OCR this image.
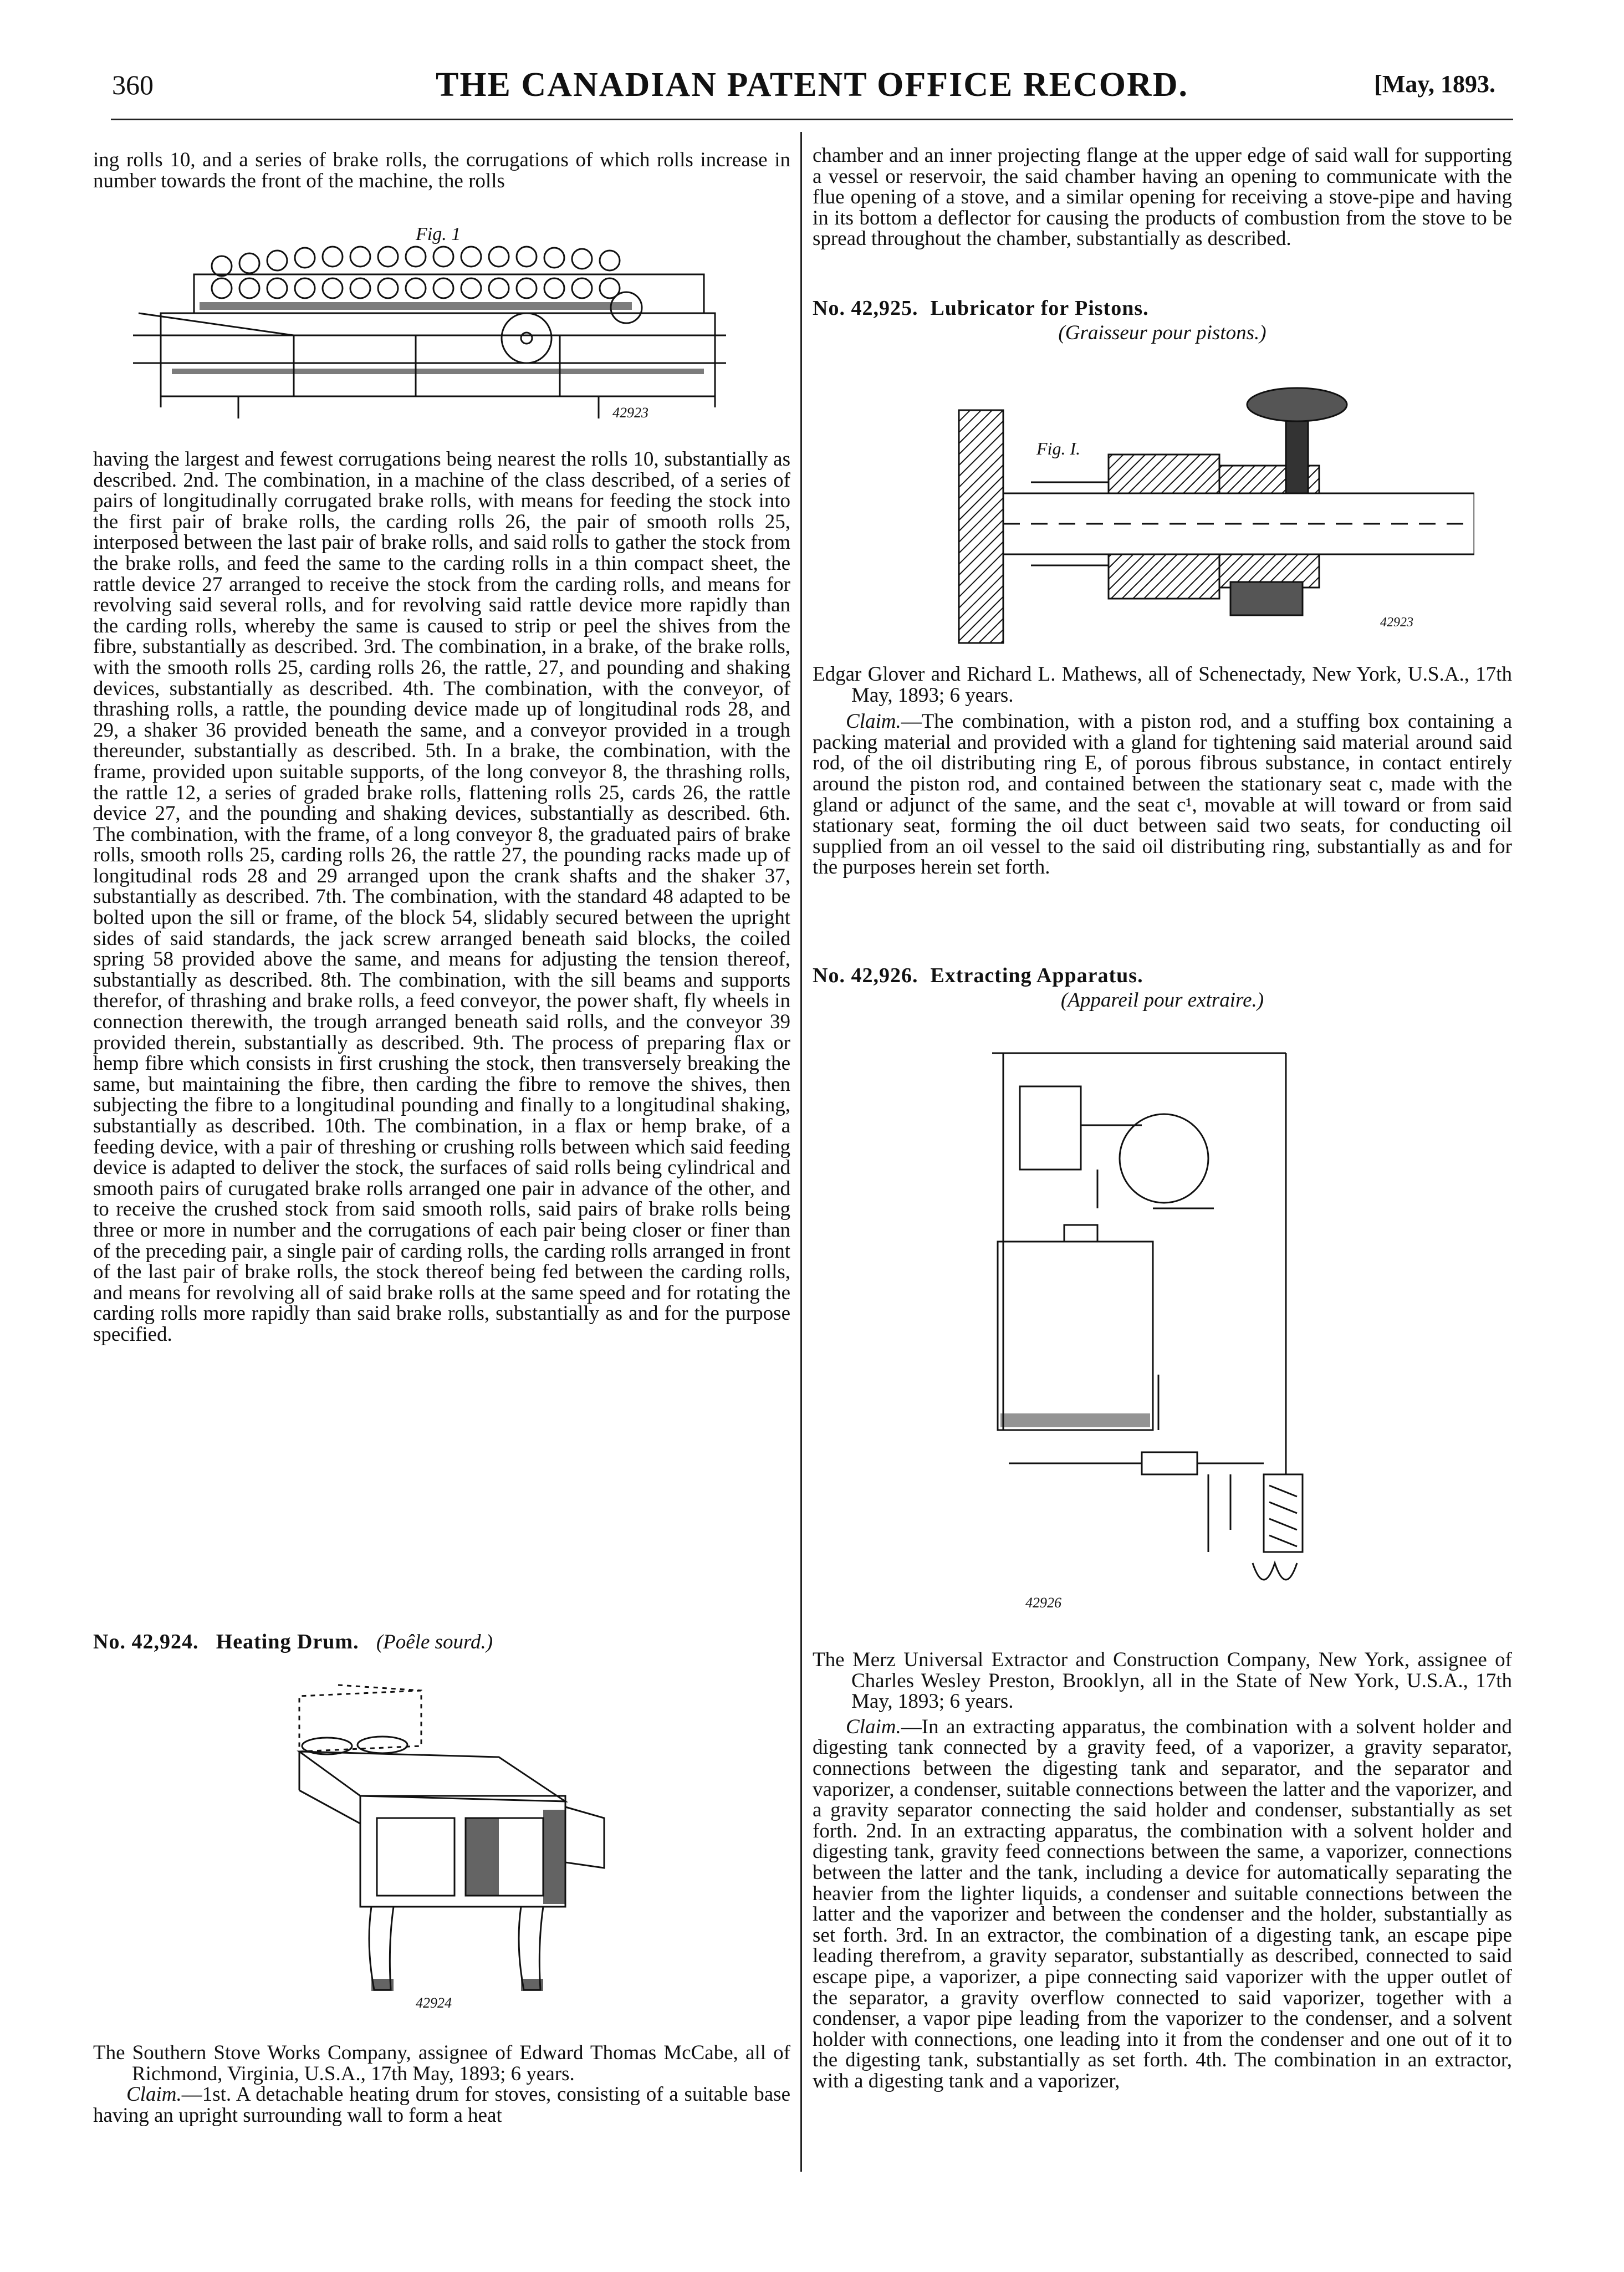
360	THE CANADIAN PATENT OFFICE RECORD.	[May, 1893.

ing rolls 10, and a series of brake rolls, the corrugations of which rolls increase in number towards the front of the machine, the rolls

Fig. 1
42923

having the largest and fewest corrugations being nearest the rolls 10, substantially as described. 2nd. The combination, in a machine of the class described, of a series of pairs of longitudinally corrugated brake rolls, with means for feeding the stock into the first pair of brake rolls, the carding rolls 26, the pair of smooth rolls 25, interposed between the last pair of brake rolls, and said rolls to gather the stock from the brake rolls, and feed the same to the carding rolls in a thin compact sheet, the rattle device 27 arranged to receive the stock from the carding rolls, and means for revolving said several rolls, and for revolving said rattle device more rapidly than the carding rolls, whereby the same is caused to strip or peel the shives from the fibre, substantially as described. 3rd. The combination, in a brake, of the brake rolls, with the smooth rolls 25, carding rolls 26, the rattle, 27, and pounding and shaking devices, substantially as described. 4th. The combination, with the conveyor, of thrashing rolls, a rattle, the pounding device made up of longitudinal rods 28, and 29, a shaker 36 provided beneath the same, and a conveyor provided in a trough thereunder, substantially as described. 5th. In a brake, the combination, with the frame, provided upon suitable supports, of the long conveyor 8, the thrashing rolls, the rattle 12, a series of graded brake rolls, flattening rolls 25, cards 26, the rattle device 27, and the pounding and shaking devices, substantially as described. 6th. The combination, with the frame, of a long conveyor 8, the graduated pairs of brake rolls, smooth rolls 25, carding rolls 26, the rattle 27, the pounding racks made up of longitudinal rods 28 and 29 arranged upon the crank shafts and the shaker 37, substantially as described. 7th. The combination, with the standard 48 adapted to be bolted upon the sill or frame, of the block 54, slidably secured between the upright sides of said standards, the jack screw arranged beneath said blocks, the coiled spring 58 provided above the same, and means for adjusting the tension thereof, substantially as described. 8th. The combination, with the sill beams and supports therefor, of thrashing and brake rolls, a feed conveyor, the power shaft, fly wheels in connection therewith, the trough arranged beneath said rolls, and the conveyor 39 provided therein, substantially as described. 9th. The process of preparing flax or hemp fibre which consists in first crushing the stock, then transversely breaking the same, but maintaining the fibre, then carding the fibre to remove the shives, then subjecting the fibre to a longitudinal pounding and finally to a longitudinal shaking, substantially as described. 10th. The combination, in a flax or hemp brake, of a feeding device, with a pair of threshing or crushing rolls between which said feeding device is adapted to deliver the stock, the surfaces of said rolls being cylindrical and smooth pairs of curugated brake rolls arranged one pair in advance of the other, and to receive the crushed stock from said smooth rolls, said pairs of brake rolls being three or more in number and the corrugations of each pair being closer or finer than of the preceding pair, a single pair of carding rolls, the carding rolls arranged in front of the last pair of brake rolls, the stock thereof being fed between the carding rolls, and means for revolving all of said brake rolls at the same speed and for rotating the carding rolls more rapidly than said brake rolls, substantially as and for the purpose specified.

No. 42,924. Heating Drum. (Poêle sourd.)
42924

The Southern Stove Works Company, assignee of Edward Thomas McCabe, all of Richmond, Virginia, U.S.A., 17th May, 1893; 6 years.

Claim.—1st. A detachable heating drum for stoves, consisting of a suitable base having an upright surrounding wall to form a heat

chamber and an inner projecting flange at the upper edge of said wall for supporting a vessel or reservoir, the said chamber having an opening to communicate with the flue opening of a stove, and a similar opening for receiving a stove-pipe and having in its bottom a deflector for causing the products of combustion from the stove to be spread throughout the chamber, substantially as described.

No. 42,925. Lubricator for Pistons.

(Graisseur pour pistons.)

Fig. I.
42923

Edgar Glover and Richard L. Mathews, all of Schenectady, New York, U.S.A., 17th May, 1893; 6 years.

Claim.—The combination, with a piston rod, and a stuffing box containing a packing material and provided with a gland for tightening said material around said rod, of the oil distributing ring E, of porous fibrous substance, in contact entirely around the piston rod, and contained between the stationary seat c, made with the gland or adjunct of the same, and the seat c¹, movable at will toward or from said stationary seat, forming the oil duct between said two seats, for conducting oil supplied from an oil vessel to the said oil distributing ring, substantially as and for the purposes herein set forth.

No. 42,926. Extracting Apparatus.

(Appareil pour extraire.)

42926

The Merz Universal Extractor and Construction Company, New York, assignee of Charles Wesley Preston, Brooklyn, all in the State of New York, U.S.A., 17th May, 1893; 6 years.

Claim.—In an extracting apparatus, the combination with a solvent holder and digesting tank connected by a gravity feed, of a vaporizer, a gravity separator, connections between the digesting tank and separator, and the separator and vaporizer, a condenser, suitable connections between the latter and the vaporizer, and a gravity separator connecting the said holder and condenser, substantially as set forth. 2nd. In an extracting apparatus, the combination with a solvent holder and digesting tank, gravity feed connections between the same, a vaporizer, connections between the latter and the tank, including a device for automatically separating the heavier from the lighter liquids, a condenser and suitable connections between the latter and the vaporizer and between the condenser and the holder, substantially as set forth. 3rd. In an extractor, the combination of a digesting tank, an escape pipe leading therefrom, a gravity separator, substantially as described, connected to said escape pipe, a vaporizer, a pipe connecting said vaporizer with the upper outlet of the separator, a gravity overflow connected to said vaporizer, together with a condenser, a vapor pipe leading from the vaporizer to the condenser, and a solvent holder with connections, one leading into it from the condenser and one out of it to the digesting tank, substantially as set forth. 4th. The combination in an extractor, with a digesting tank and a vaporizer,
